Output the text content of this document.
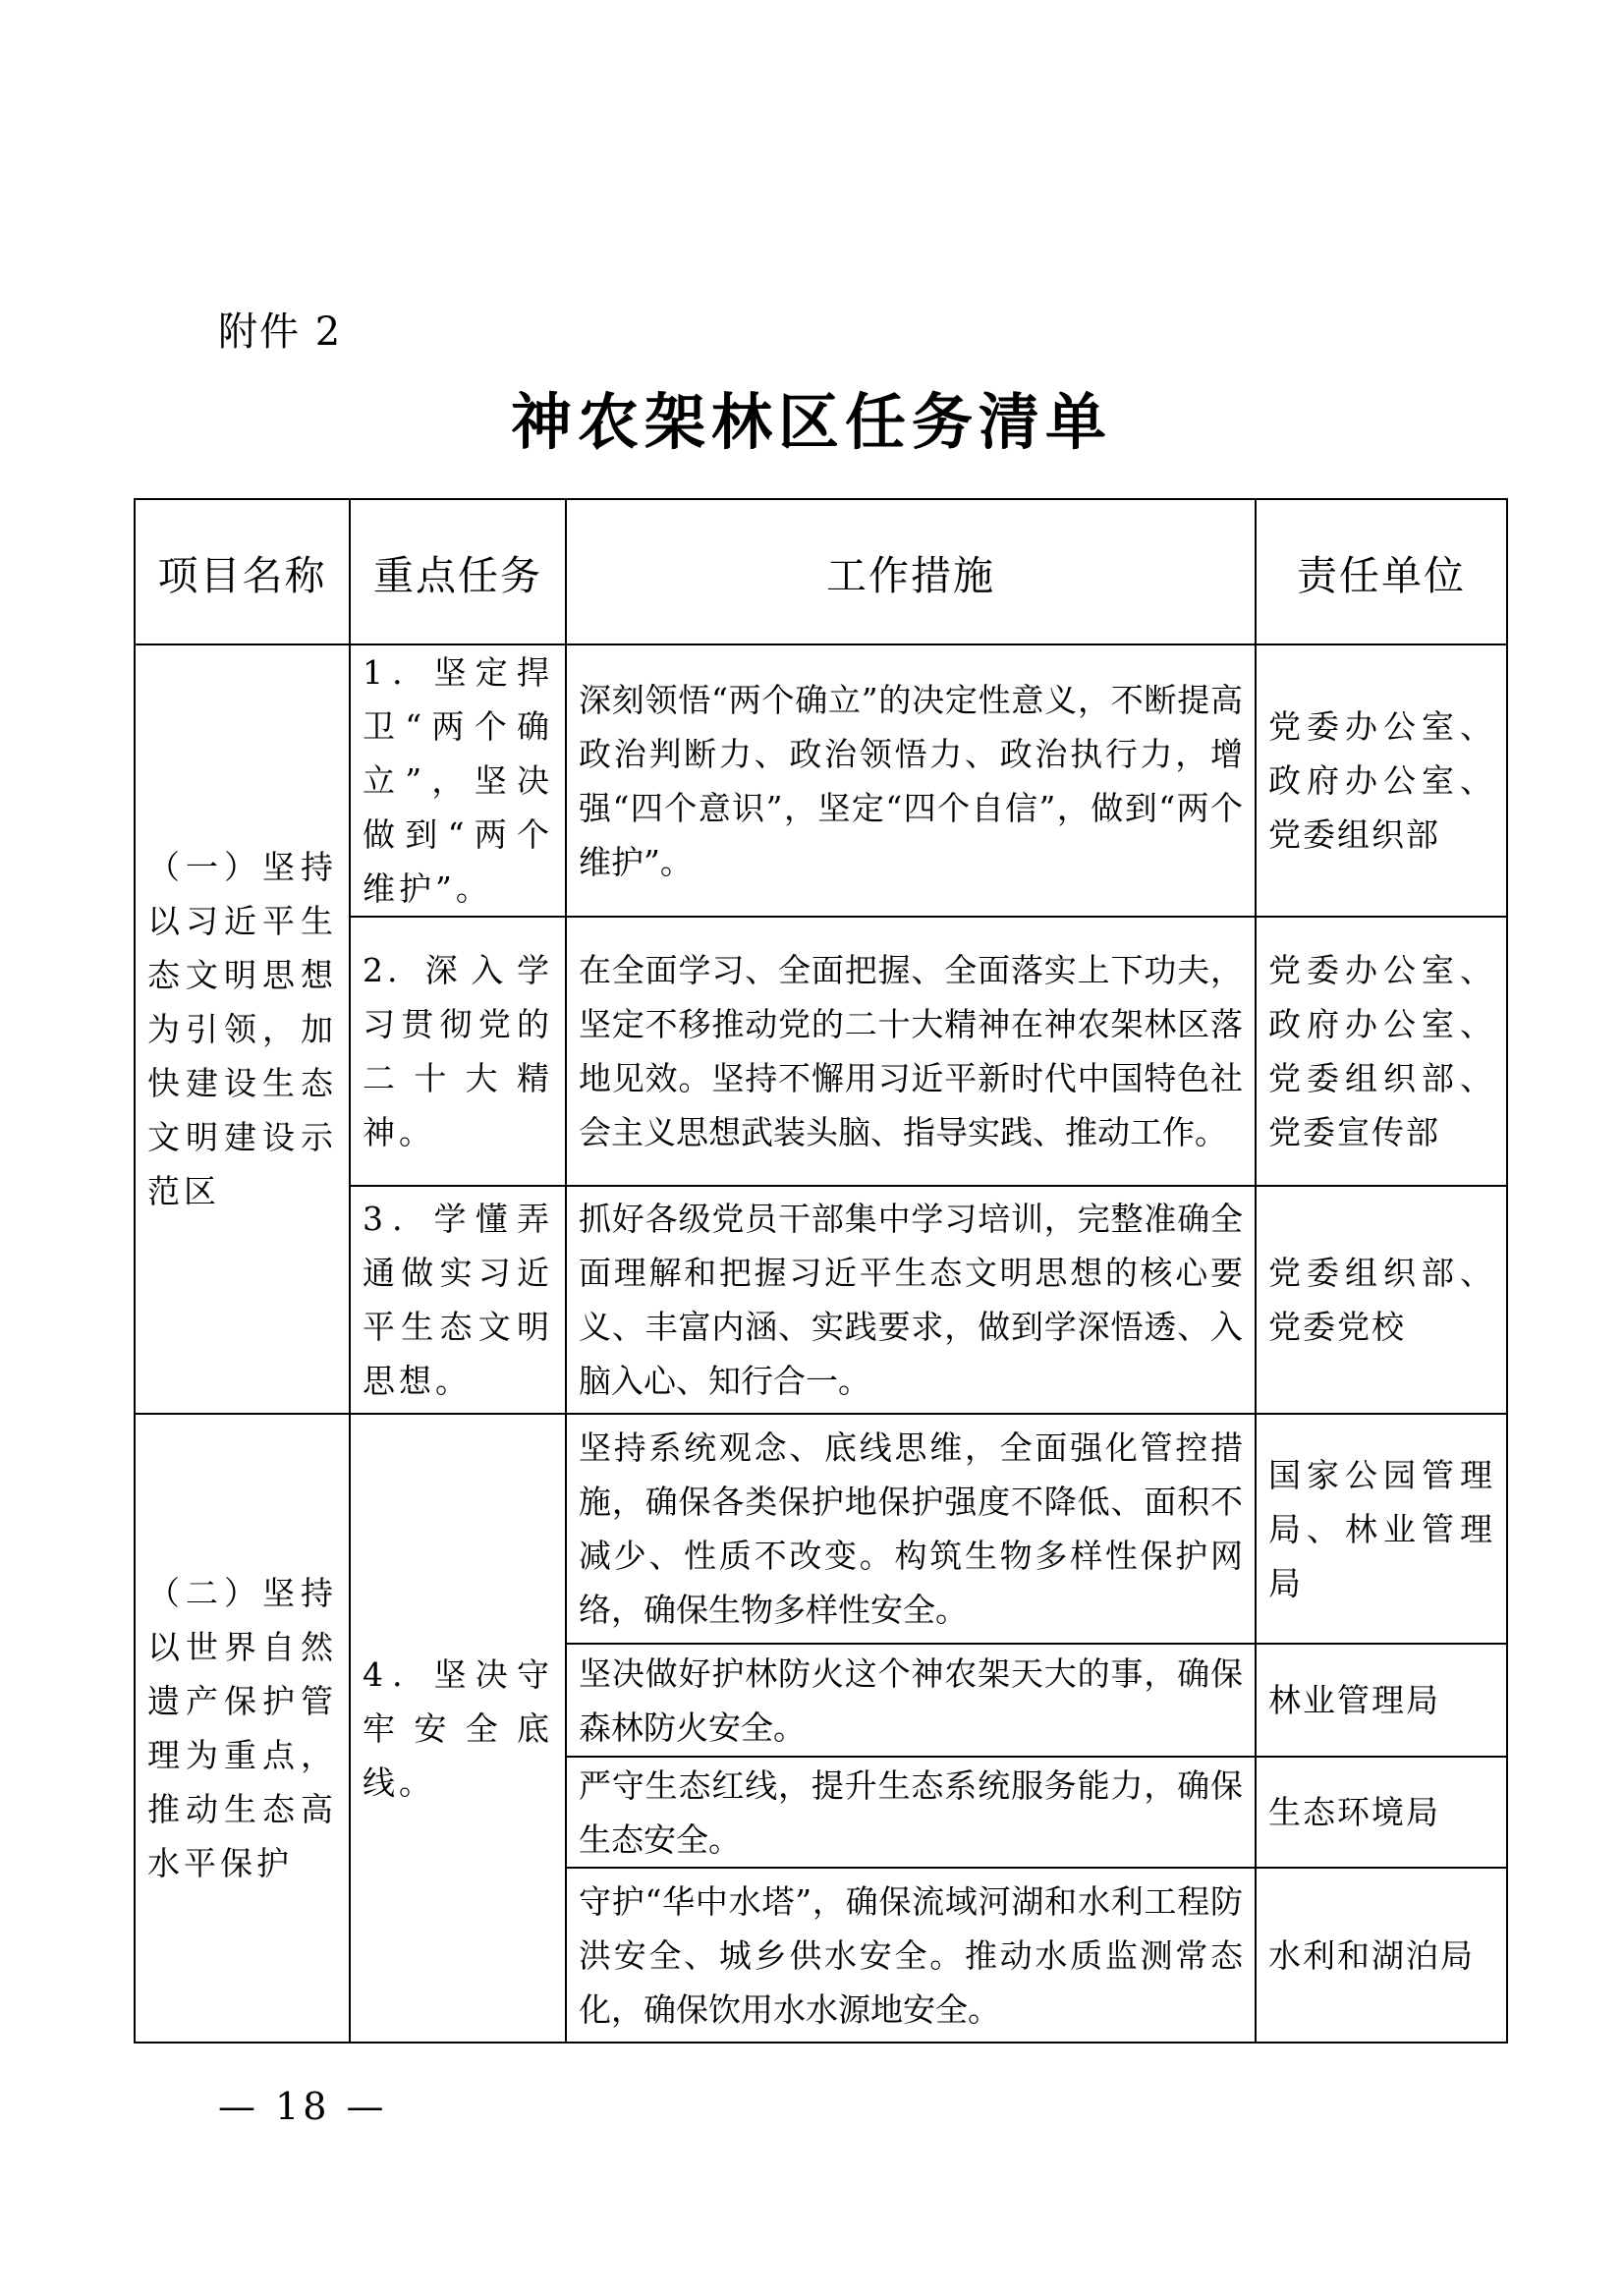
附件 2
神农架林区任务清单
项目名称	重点任务	工作措施	责任单位
（一）坚持以习近平生态文明思想为引领，加快建设生态文明建设示范区	1．坚定捍卫“两个确立”，坚决做到“两个维护”。	深刻领悟“两个确立”的决定性意义，不断提高政治判断力、政治领悟力、政治执行力，增强“四个意识”，坚定“四个自信”，做到“两个维护”。	党委办公室、政府办公室、党委组织部
	2. 深入学习贯彻党的二十大精神。	在全面学习、全面把握、全面落实上下功夫，坚定不移推动党的二十大精神在神农架林区落地见效。坚持不懈用习近平新时代中国特色社会主义思想武装头脑、指导实践、推动工作。	党委办公室、政府办公室、党委组织部、党委宣传部
	3．学懂弄通做实习近平生态文明思想。	抓好各级党员干部集中学习培训，完整准确全面理解和把握习近平生态文明思想的核心要义、丰富内涵、实践要求，做到学深悟透、入脑入心、知行合一。	党委组织部、党委党校
（二）坚持以世界自然遗产保护管理为重点，推动生态高水平保护	4．坚决守牢安全底线。	坚持系统观念、底线思维，全面强化管控措施，确保各类保护地保护强度不降低、面积不减少、性质不改变。构筑生物多样性保护网络，确保生物多样性安全。	国家公园管理局、林业管理局
		坚决做好护林防火这个神农架天大的事，确保森林防火安全。	林业管理局
		严守生态红线，提升生态系统服务能力，确保生态安全。	生态环境局
		守护“华中水塔”，确保流域河湖和水利工程防洪安全、城乡供水安全。推动水质监测常态化，确保饮用水水源地安全。	水利和湖泊局
— 18 —
